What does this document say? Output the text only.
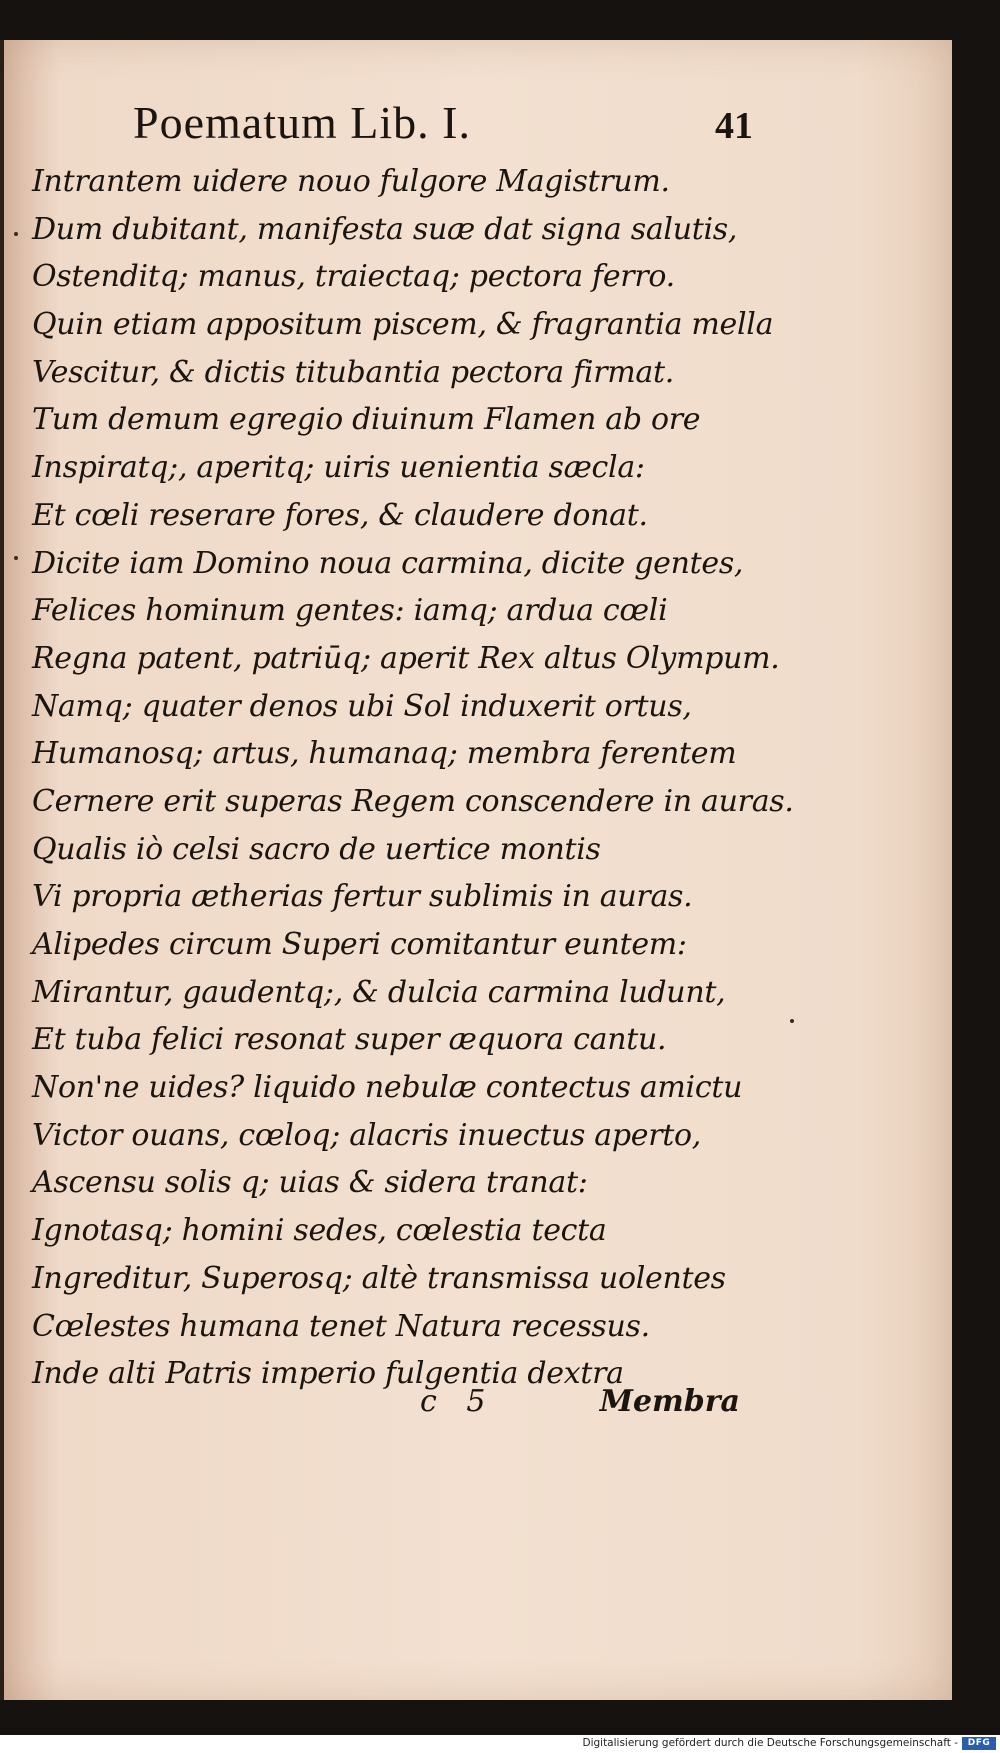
Poematum Lib. I.	41
Intrantem uidere nouo fulgore Magistrum.
Dum dubitant, manifesta suæ dat signa salutis,
Ostenditq; manus, traiectaq; pectora ferro.
Quin etiam appositum piscem, & fragrantia mella
Vescitur, & dictis titubantia pectora firmat.
Tum demum egregio diuinum Flamen ab ore
Inspiratq;, aperitq; uiris uenientia sæcla:
Et cœli reserare fores, & claudere donat.
Dicite iam Domino noua carmina, dicite gentes,
Felices hominum gentes: iamq; ardua cœli
Regna patent, patriūq; aperit Rex altus Olympum.
Namq; quater denos ubi Sol induxerit ortus,
Humanosq; artus, humanaq; membra ferentem
Cernere erit superas Regem conscendere in auras.
Qualis iò celsi sacro de uertice montis
Vi propria ætherias fertur sublimis in auras.
Alipedes circum Superi comitantur euntem:
Mirantur, gaudentq;, & dulcia carmina ludunt,
Et tuba felici resonat super æquora cantu.
Non'ne uides? liquido nebulæ contectus amictu
Victor ouans, cœloq; alacris inuectus aperto,
Ascensu solis q; uias & sidera tranat:
Ignotasq; homini sedes, cœlestia tecta
Ingreditur, Superosq; altè transmissa uolentes
Cœlestes humana tenet Natura recessus.
Inde alti Patris imperio fulgentia dextra
c 5	Membra
Digitalisierung gefördert durch die Deutsche Forschungsgemeinschaft -	DFG
